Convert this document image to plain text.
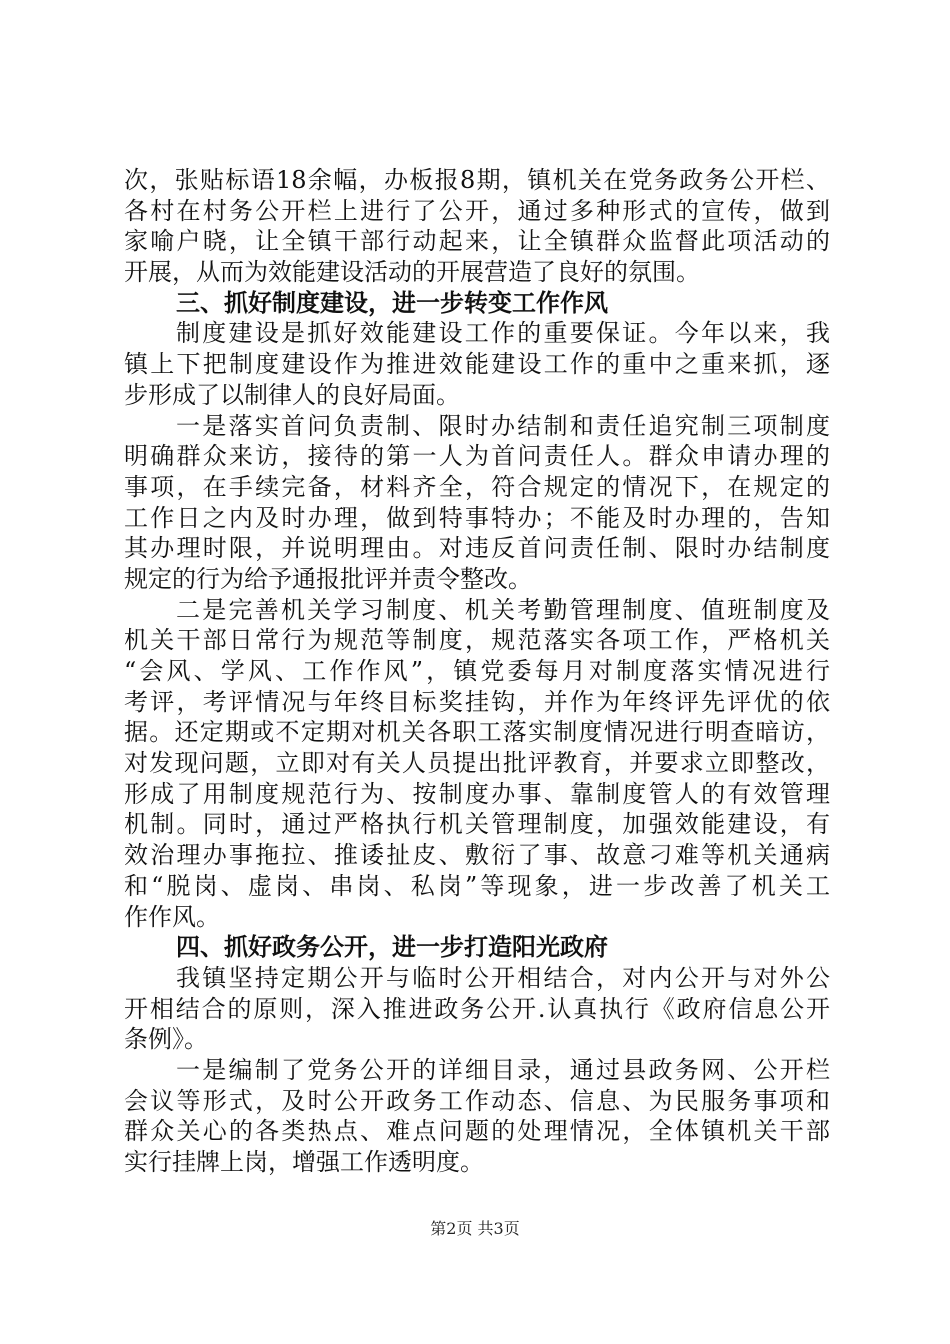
次，张贴标语18余幅，办板报8期，镇机关在党务政务公开栏、
各村在村务公开栏上进行了公开，通过多种形式的宣传，做到
家喻户晓，让全镇干部行动起来，让全镇群众监督此项活动的
开展，从而为效能建设活动的开展营造了良好的氛围。
三、抓好制度建设，进一步转变工作作风
制度建设是抓好效能建设工作的重要保证。今年以来，我
镇上下把制度建设作为推进效能建设工作的重中之重来抓，逐
步形成了以制律人的良好局面。
一是落实首问负责制、限时办结制和责任追究制三项制度
明确群众来访，接待的第一人为首问责任人。群众申请办理的
事项，在手续完备，材料齐全，符合规定的情况下，在规定的
工作日之内及时办理，做到特事特办；不能及时办理的，告知
其办理时限，并说明理由。对违反首问责任制、限时办结制度
规定的行为给予通报批评并责令整改。
二是完善机关学习制度、机关考勤管理制度、值班制度及
机关干部日常行为规范等制度，规范落实各项工作，严格机关
“会风、学风、工作作风”，镇党委每月对制度落实情况进行
考评，考评情况与年终目标奖挂钩，并作为年终评先评优的依
据。还定期或不定期对机关各职工落实制度情况进行明查暗访，
对发现问题，立即对有关人员提出批评教育，并要求立即整改，
形成了用制度规范行为、按制度办事、靠制度管人的有效管理
机制。同时，通过严格执行机关管理制度，加强效能建设，有
效治理办事拖拉、推诿扯皮、敷衍了事、故意刁难等机关通病
和“脱岗、虚岗、串岗、私岗”等现象，进一步改善了机关工
作作风。
四、抓好政务公开，进一步打造阳光政府
我镇坚持定期公开与临时公开相结合，对内公开与对外公
开相结合的原则，深入推进政务公开.认真执行《政府信息公开
条例》。
一是编制了党务公开的详细目录，通过县政务网、公开栏
会议等形式，及时公开政务工作动态、信息、为民服务事项和
群众关心的各类热点、难点问题的处理情况，全体镇机关干部
实行挂牌上岗，增强工作透明度。
第2页 共3页
